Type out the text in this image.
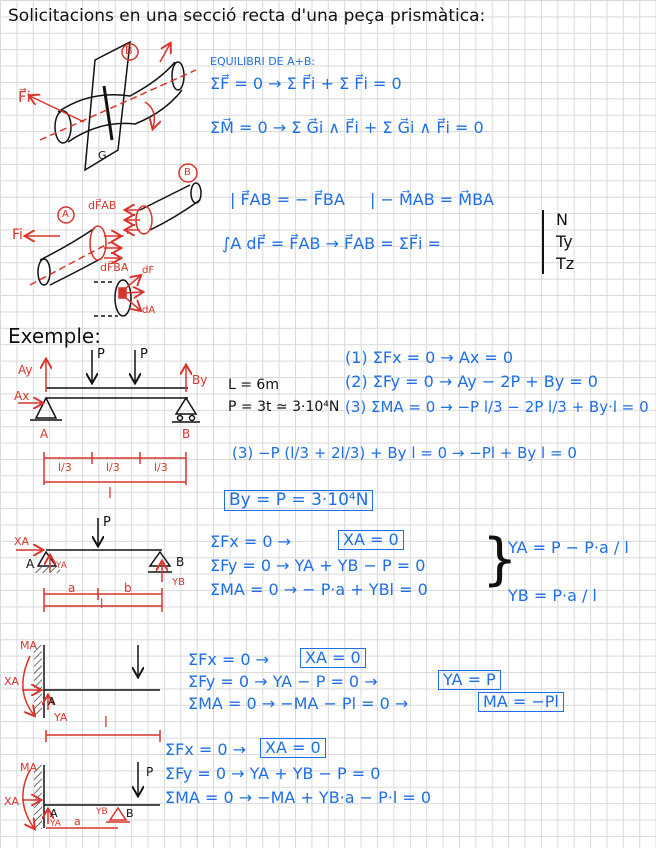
Solicitacions en una secció recta d'una peça prismàtica:
F⃗i
B
G
EQUILIBRI DE A+B:
ΣF⃗ = 0 → Σ F⃗i + Σ F⃗i = 0
ΣM⃗ = 0 → Σ G⃗i ∧ F⃗i + Σ G⃗i ∧ F⃗i = 0
Fi
A
dF⃗AB
dF⃗BA
B
dF
dA
| F⃗AB = − F⃗BA | − M⃗AB = M⃗BA
∫A dF⃗ = F⃗AB → F⃗AB = ΣF⃗i =
N
Ty
Tz
Exemple:
P	P
Ay
Ax
By
A	B
l/3	l/3	l/3
l
L = 6m
P = 3t ≃ 3·10⁴N
(1) ΣFx = 0 → Ax = 0
(2) ΣFy = 0 → Ay − 2P + By = 0
(3) ΣMA = 0 → −P l/3 − 2P l/3 + By·l = 0
(3) −P (l/3 + 2l/3) + By l = 0 → −Pl + By l = 0
By = P = 3·10⁴N
P
XA
A YA	B
YB
a	b
l
ΣFx = 0 →	XA = 0
ΣFy = 0 → YA + YB − P = 0
ΣMA = 0 → − P·a + YBl = 0 }
YA = P − P·a / l
YB = P·a / l
MA
XA
A
YA	l
ΣFx = 0 →	XA = 0
ΣFy = 0 → YA − P = 0 →	YA = P
ΣMA = 0 → −MA − Pl = 0 →	MA = −Pl
MA
XA
A
YA
YB B
P
a
ΣFx = 0 →	XA = 0
ΣFy = 0 → YA + YB − P = 0
ΣMA = 0 → −MA + YB·a − P·l = 0
